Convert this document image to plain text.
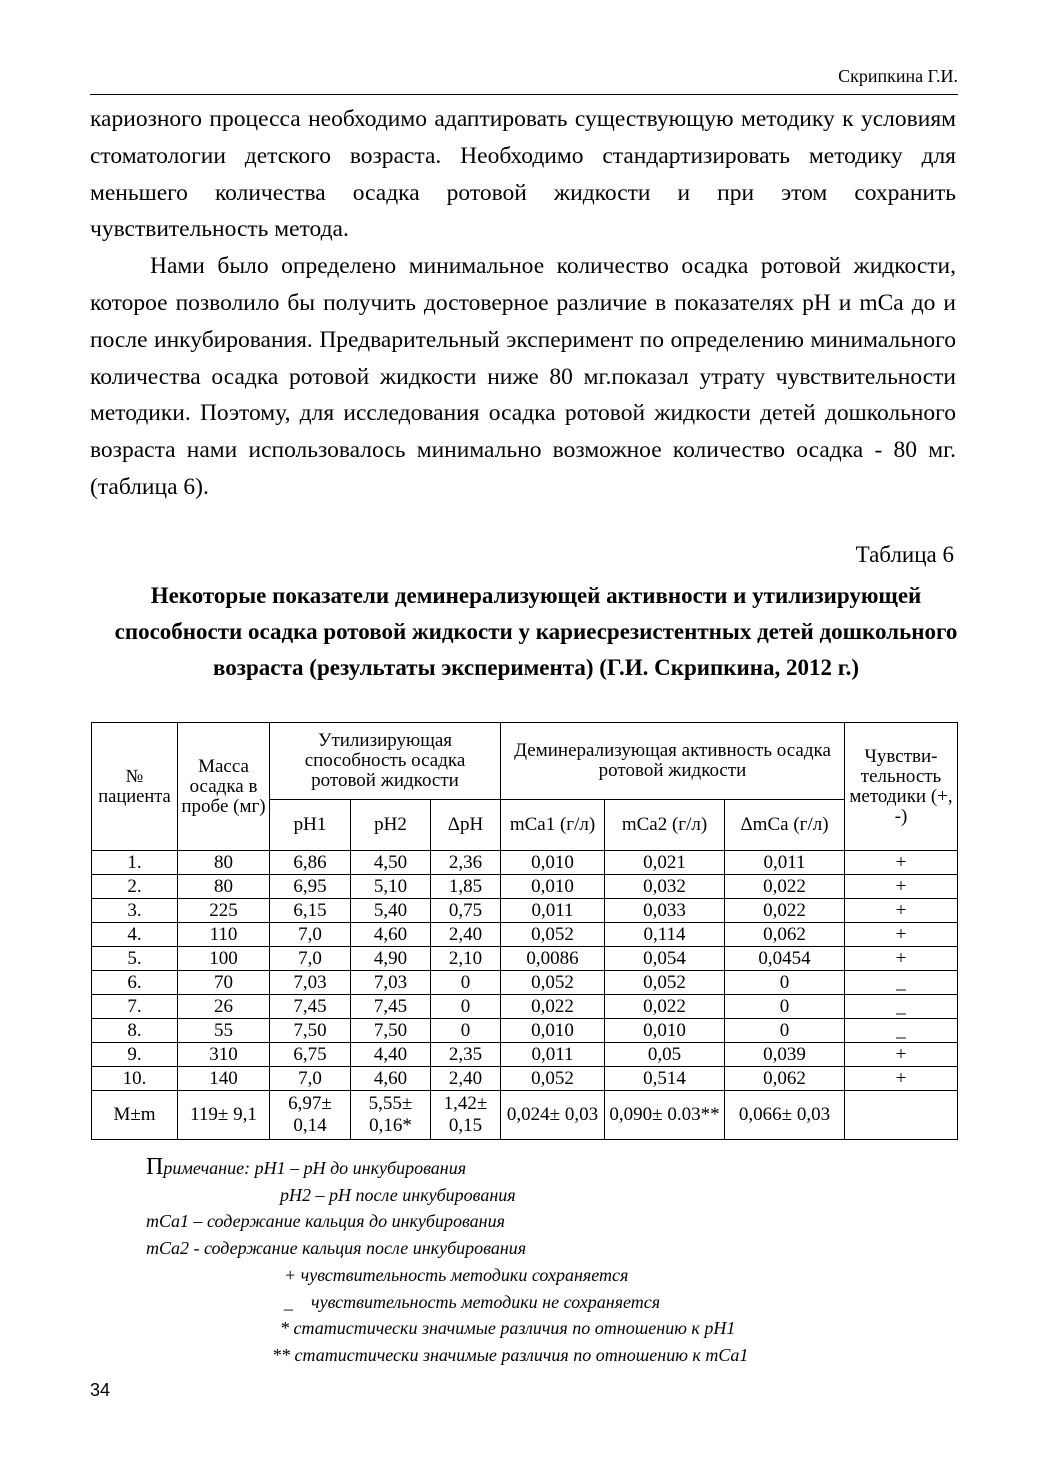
Скрипкина Г.И.

кариозного процесса необходимо адаптировать существующую методику к условиям стоматологии детского возраста. Необходимо стандартизировать методику для меньшего количества осадка ротовой жидкости и при этом сохранить чувствительность метода.

Нами было определено минимальное количество осадка ротовой жидкости, которое позволило бы получить достоверное различие в показателях рН и mCa до и после инкубирования. Предварительный эксперимент по определению минимального количества осадка ротовой жидкости ниже 80 мг.показал утрату чувствительности методики. Поэтому, для исследования осадка ротовой жидкости детей дошкольного возраста нами использовалось минимально возможное количество осадка - 80 мг. (таблица 6).

Таблица 6
Некоторые показатели деминерализующей активности и утилизирующей способности осадка ротовой жидкости у кариесрезистентных детей дошкольного возраста (результаты эксперимента) (Г.И. Скрипкина, 2012 г.)
№ пациента	Масса осадка в пробе (мг)	Утилизирующая способность осадка ротовой жидкости			Деминерализующая активность осадка ротовой жидкости			Чувствительность методики (+, -)
		pH1	pH2	ΔpH	mCa1 (г/л)	mCa2 (г/л)	ΔmCa (г/л)	
1.	80	6,86	4,50	2,36	0,010	0,021	0,011	+
2.	80	6,95	5,10	1,85	0,010	0,032	0,022	+
3.	225	6,15	5,40	0,75	0,011	0,033	0,022	+
4.	110	7,0	4,60	2,40	0,052	0,114	0,062	+
5.	100	7,0	4,90	2,10	0,0086	0,054	0,0454	+
6.	70	7,03	7,03	0	0,052	0,052	0	_
7.	26	7,45	7,45	0	0,022	0,022	0	_
8.	55	7,50	7,50	0	0,010	0,010	0	_
9.	310	6,75	4,40	2,35	0,011	0,05	0,039	+
10.	140	7,0	4,60	2,40	0,052	0,514	0,062	+
M±m	119± 9,1	6,97± 0,14	5,55± 0,16*	1,42± 0,15	0,024± 0,03	0,090± 0.03**	0,066± 0,03	
Примечание: pH1 – pH до инкубирования
pH2 – pH после инкубирования
mCa1 – содержание кальция до инкубирования
mCa2 - содержание кальция после инкубирования
+ чувствительность методики сохраняется
_    чувствительность методики не сохраняется
* статистически значимые различия по отношению к рН1
** статистически значимые различия по отношению к mCa1
34
